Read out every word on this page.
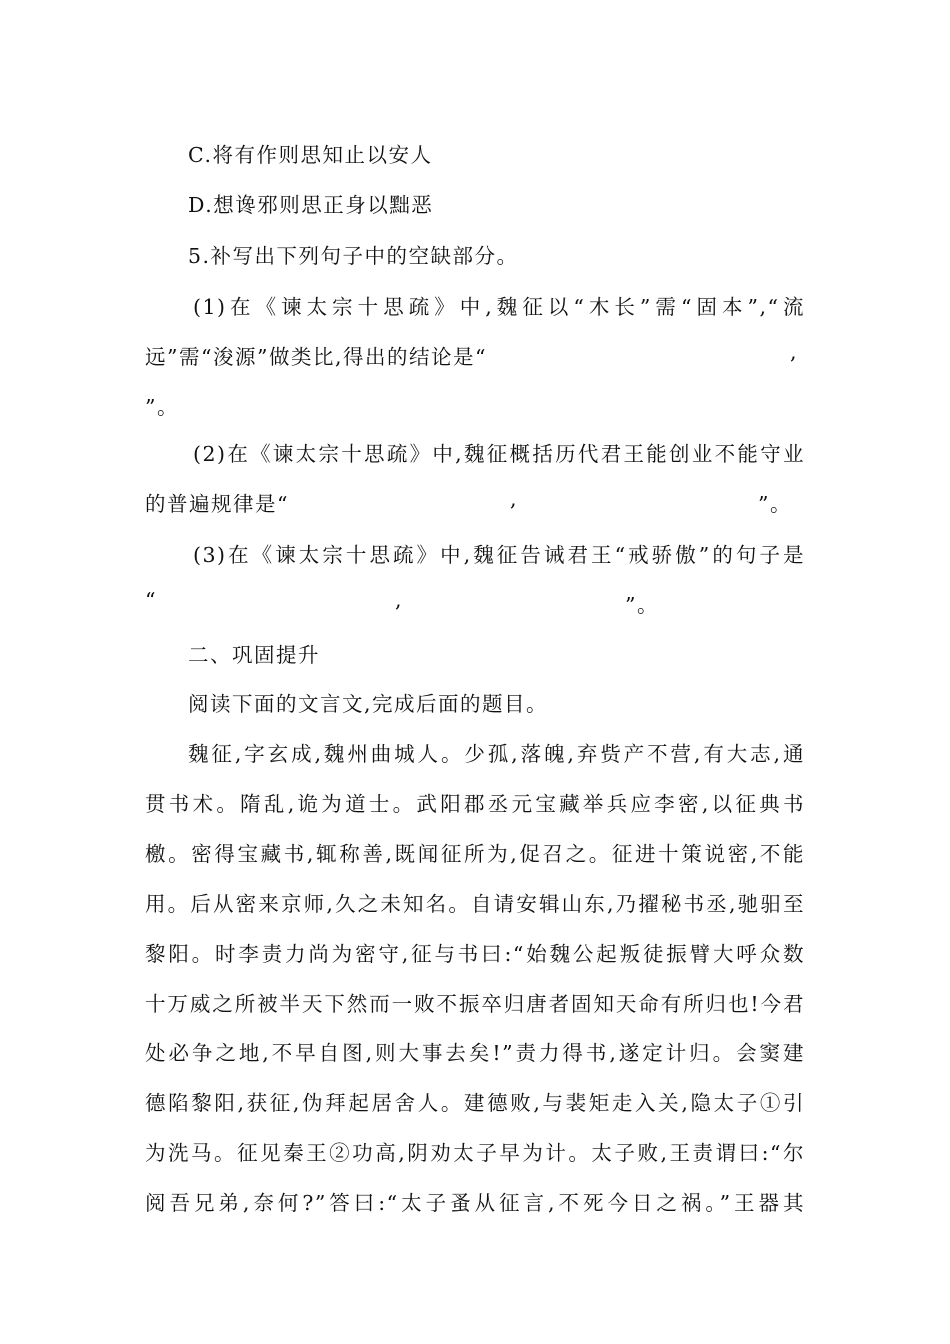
C.将有作则思知止以安人
D.想谗邪则思正身以黜恶
5.补写出下列句子中的空缺部分。
(1)在《谏太宗十思疏》中,魏征以“木长”需“固本”,“流
远”需“浚源”做类比,得出的结论是“	,
”。
(2)在《谏太宗十思疏》中,魏征概括历代君王能创业不能守业
的普遍规律是“	,	”。
(3)在《谏太宗十思疏》中,魏征告诫君王“戒骄傲”的句子是
“	,	”。
二、巩固提升
阅读下面的文言文,完成后面的题目。
魏征,字玄成,魏州曲城人。少孤,落魄,弃赀产不营,有大志,通
贯书术。隋乱,诡为道士。武阳郡丞元宝藏举兵应李密,以征典书
檄。密得宝藏书,辄称善,既闻征所为,促召之。征进十策说密,不能
用。后从密来京师,久之未知名。自请安辑山东,乃擢秘书丞,驰驲至
黎阳。时李责力尚为密守,征与书曰:“始魏公起叛徒振臂大呼众数
十万威之所被半天下然而一败不振卒归唐者固知天命有所归也!今君
处必争之地,不早自图,则大事去矣!”责力得书,遂定计归。会窦建
德陷黎阳,获征,伪拜起居舍人。建德败,与裴矩走入关,隐太子①引
为洗马。征见秦王②功高,阴劝太子早为计。太子败,王责谓曰:“尔
阅吾兄弟,奈何?”答曰:“太子蚤从征言,不死今日之祸。”王器其
